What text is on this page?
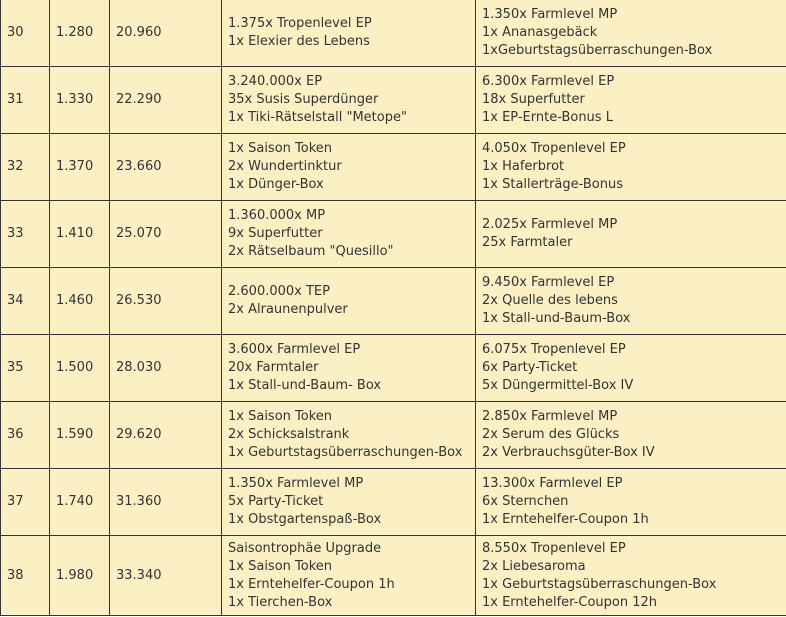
30	1.280	20.960	1.375x Tropenlevel EP
1x Elexier des Lebens	1.350x Farmlevel MP
1x Ananasgebäck
1xGeburtstagsüberraschungen-Box

31	1.330	22.290	3.240.000x EP
35x Susis Superdünger
1x Tiki-Rätselstall "Metope"	6.300x Farmlevel EP
18x Superfutter
1x EP-Ernte-Bonus L

32	1.370	23.660	1x Saison Token
2x Wundertinktur
1x Dünger-Box	4.050x Tropenlevel EP
1x Haferbrot
1x Stallerträge-Bonus

33	1.410	25.070	1.360.000x MP
9x Superfutter
2x Rätselbaum "Quesillo"	2.025x Farmlevel MP
25x Farmtaler

34	1.460	26.530	2.600.000x TEP
2x Alraunenpulver	9.450x Farmlevel EP
2x Quelle des lebens
1x Stall-und-Baum-Box

35	1.500	28.030	3.600x Farmlevel EP
20x Farmtaler
1x Stall-und-Baum- Box	6.075x Tropenlevel EP
6x Party-Ticket
5x Düngermittel-Box IV

36	1.590	29.620	1x Saison Token
2x Schicksalstrank
1x Geburtstagsüberraschungen-Box	2.850x Farmlevel MP
2x Serum des Glücks
2x Verbrauchsgüter-Box IV

37	1.740	31.360	1.350x Farmlevel MP
5x Party-Ticket
1x Obstgartenspaß-Box	13.300x Farmlevel EP
6x Sternchen
1x Erntehelfer-Coupon 1h

38	1.980	33.340	Saisontrophäe Upgrade
1x Saison Token
1x Erntehelfer-Coupon 1h
1x Tierchen-Box	8.550x Tropenlevel EP
2x Liebesaroma
1x Geburtstagsüberraschungen-Box
1x Erntehelfer-Coupon 12h
